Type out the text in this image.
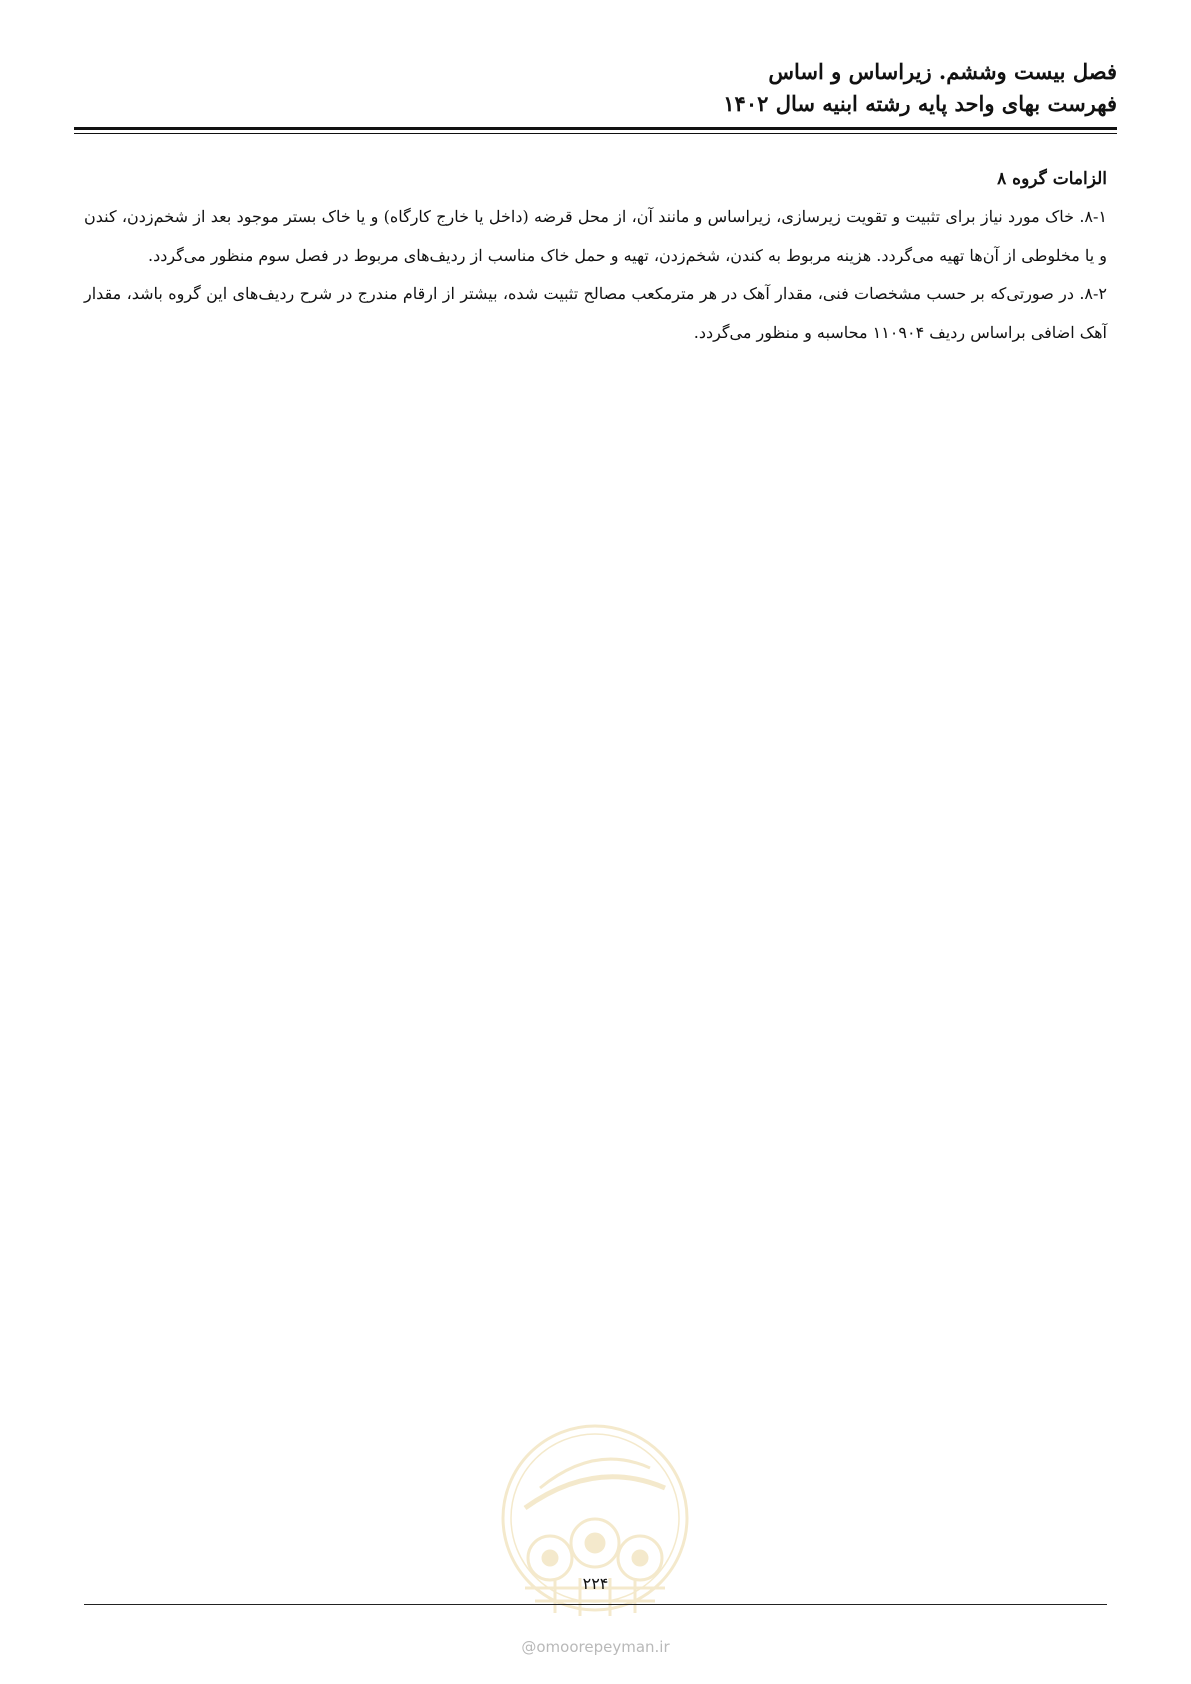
فصل بیست وششم. زیراساس و اساس
فهرست بهای واحد پایه رشته ابنیه سال ۱۴۰۲
الزامات گروه ۸

۸-۱. خاک مورد نیاز برای تثبیت و تقویت زیرسازی، زیراساس و مانند آن، از محل قرضه (داخل یا خارج کارگاه) و یا خاک بستر موجود بعد از شخم‌زدن، کندن و یا مخلوطی از آن‌ها تهیه می‌گردد. هزینه مربوط به کندن، شخم‌زدن، تهیه و حمل خاک مناسب از ردیف‌های مربوط در فصل سوم منظور می‌گردد.

۸-۲. در صورتی‌که بر حسب مشخصات فنی، مقدار آهک در هر مترمکعب مصالح تثبیت شده، بیشتر از ارقام مندرج در شرح ردیف‌های این گروه باشد، مقدار آهک اضافی براساس ردیف ۱۱۰۹۰۴ محاسبه و منظور می‌گردد.

۲۲۴
@omoorepeyman.ir
